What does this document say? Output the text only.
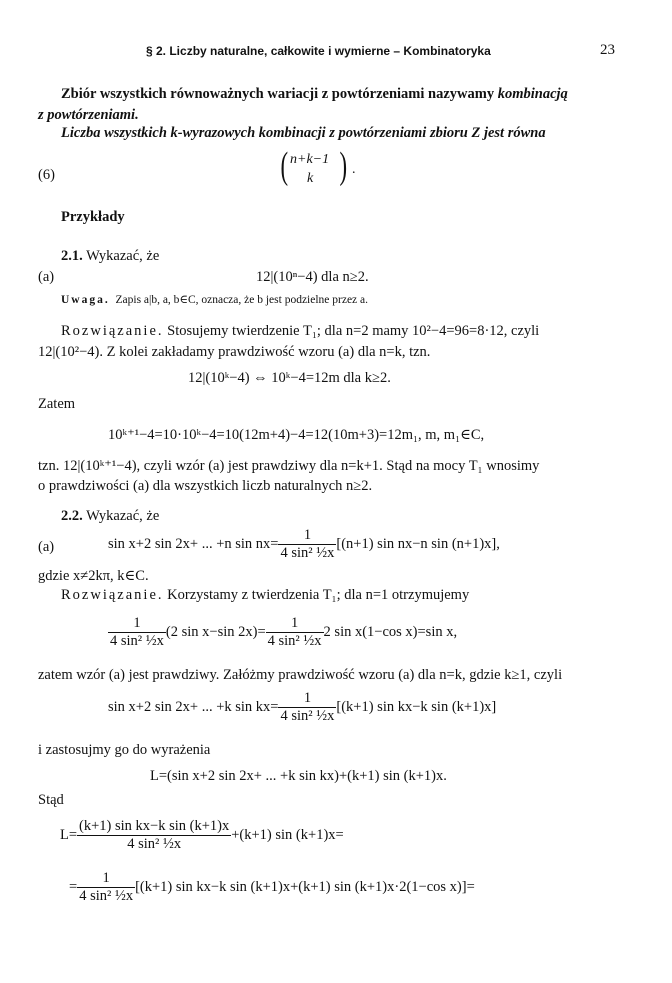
§ 2. Liczby naturalne, całkowite i wymierne – Kombinatoryka	23
Zbiór wszystkich równoważnych wariacji z powtórzeniami nazywamy kombinacją
z powtórzeniami.
Liczba wszystkich k-wyrazowych kombinacji z powtórzeniami zbioru Z jest równa
(6)	( n+k−1
k ) .
Przykłady
2.1. Wykazać, że
(a)	12|(10ⁿ−4) dla n≥2.
Uwaga. Zapis a|b, a, b∈C, oznacza, że b jest podzielne przez a.
Rozwiązanie. Stosujemy twierdzenie T₁; dla n=2 mamy 10²−4=96=8·12, czyli
12|(10²−4). Z kolei zakładamy prawdziwość wzoru (a) dla n=k, tzn.
12|(10ᵏ−4) ⇔ 10ᵏ−4=12m dla k≥2.
Zatem
10ᵏ⁺¹−4=10·10ᵏ−4=10(12m+4)−4=12(10m+3)=12m₁, m, m₁∈C,
tzn. 12|(10ᵏ⁺¹−4), czyli wzór (a) jest prawdziwy dla n=k+1. Stąd na mocy T₁ wnosimy
o prawdziwości (a) dla wszystkich liczb naturalnych n≥2.
2.2. Wykazać, że
(a)	sin x+2 sin 2x+ ... +n $\sin nx= \frac{1}{\text{4 sin² ½x}} [(n+1)$ sin nx−n sin (n+1)x],
gdzie x≠2kπ, k∈C.
Rozwiązanie. Korzystamy z twierdzenia T₁; dla n=1 otrzymujemy
$\frac{1}{\text{4 sin² ½x}} (2$ sin x−sin $2x)= \frac{1}{\text{4 sin² ½x}} 2$ sin x(1−cos x)=sin x,
zatem wzór (a) jest prawdziwy. Załóżmy prawdziwość wzoru (a) dla n=k, gdzie k≥1, czyli
sin x+2 sin 2x+ ... +k $\sin kx= \frac{1}{\text{4 sin² ½x}} [(k+1)$ sin kx−k sin (k+1)x]
i zastosujmy go do wyrażenia
L=(sin x+2 sin 2x+ ... +k sin kx)+(k+1) sin (k+1)x.
Stąd
$L= \frac{\text{(k+1) sin kx−k sin (k+1)x}}{\text{4 sin² ½x}} +(k+1)$ sin (k+1)x=
= $\frac{1}{\text{4 sin² ½x}} [(k+1)$ sin kx−k sin (k+1)x+(k+1) sin (k+1)x·2(1−cos x)]=
